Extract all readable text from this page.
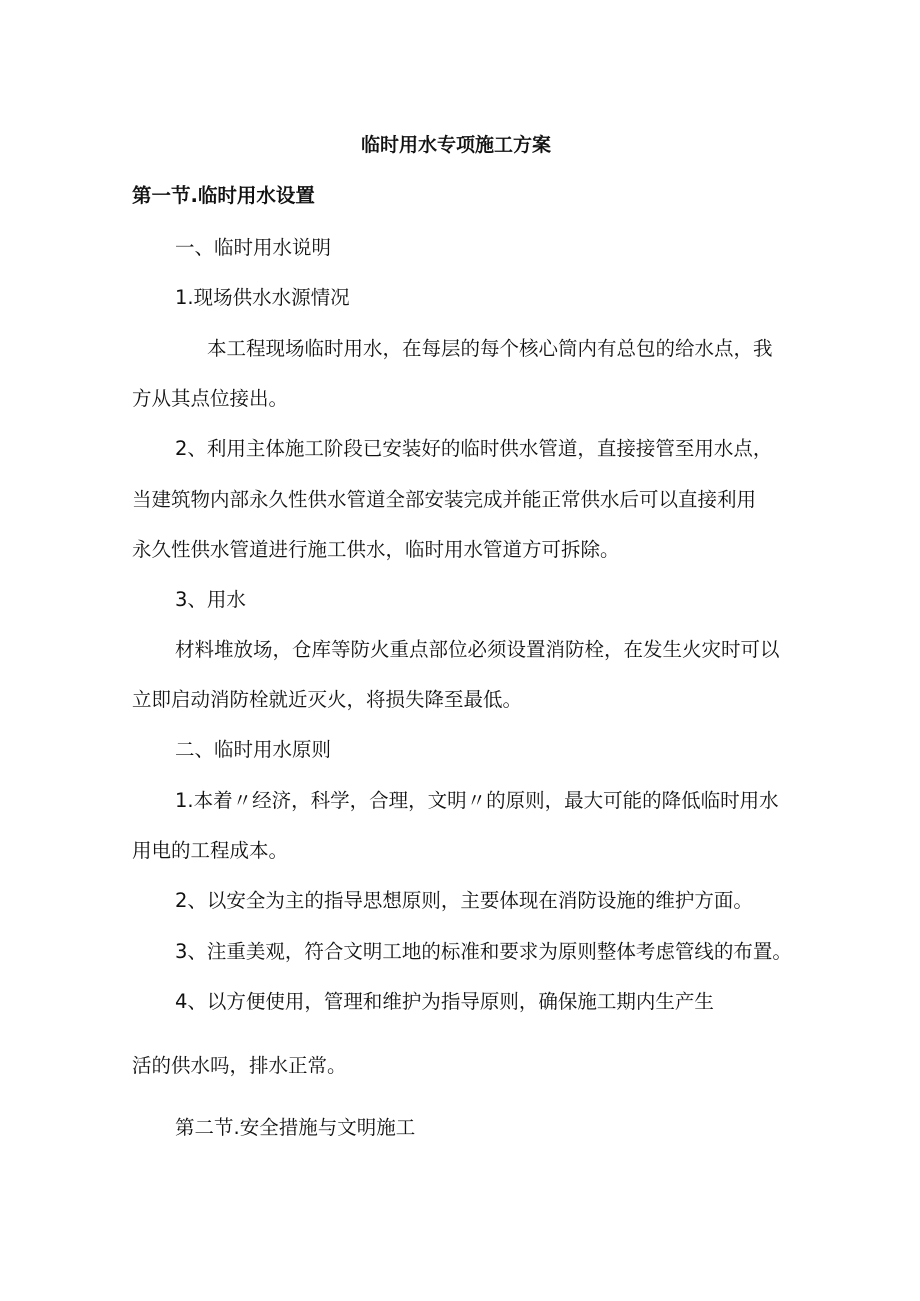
临时用水专项施工方案
第一节.临时用水设置
一、临时用水说明
1.现场供水水源情况
本工程现场临时用水，在每层的每个核心筒内有总包的给水点，我
方从其点位接出。
2、利用主体施工阶段已安装好的临时供水管道，直接接管至用水点，
当建筑物内部永久性供水管道全部安装完成并能正常供水后可以直接利用
永久性供水管道进行施工供水，临时用水管道方可拆除。
3、用水
材料堆放场，仓库等防火重点部位必须设置消防栓，在发生火灾时可以
立即启动消防栓就近灭火，将损失降至最低。
二、临时用水原则
1.本着〃经济，科学，合理，文明〃的原则，最大可能的降低临时用水
用电的工程成本。
2、以安全为主的指导思想原则，主要体现在消防设施的维护方面。
3、注重美观，符合文明工地的标准和要求为原则整体考虑管线的布置。
4、以方便使用，管理和维护为指导原则，确保施工期内生产生
活的供水吗，排水正常。
第二节.安全措施与文明施工
